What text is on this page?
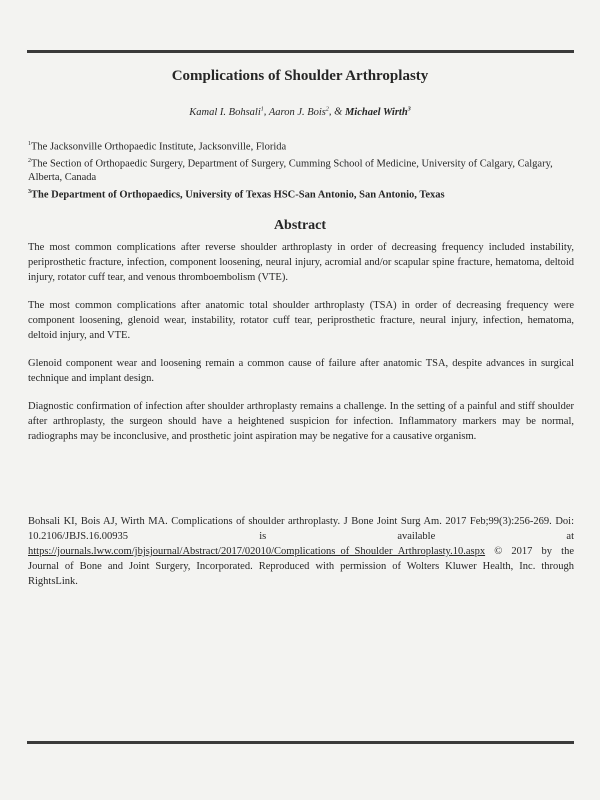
Complications of Shoulder Arthroplasty
Kamal I. Bohsali$^1$, Aaron J. Bois$^2$, & Michael Wirth$^3$
$^1$The Jacksonville Orthopaedic Institute, Jacksonville, Florida
$^2$The Section of Orthopaedic Surgery, Department of Surgery, Cumming School of Medicine, University of Calgary, Calgary, Alberta, Canada
$^3$The Department of Orthopaedics, University of Texas HSC-San Antonio, San Antonio, Texas
Abstract

The most common complications after reverse shoulder arthroplasty in order of decreasing frequency included instability, periprosthetic fracture, infection, component loosening, neural injury, acromial and/or scapular spine fracture, hematoma, deltoid injury, rotator cuff tear, and venous thromboembolism (VTE).

The most common complications after anatomic total shoulder arthroplasty (TSA) in order of decreasing frequency were component loosening, glenoid wear, instability, rotator cuff tear, periprosthetic fracture, neural injury, infection, hematoma, deltoid injury, and VTE.

Glenoid component wear and loosening remain a common cause of failure after anatomic TSA, despite advances in surgical technique and implant design.

Diagnostic confirmation of infection after shoulder arthroplasty remains a challenge. In the setting of a painful and stiff shoulder after arthroplasty, the surgeon should have a heightened suspicion for infection. Inflammatory markers may be normal, radiographs may be inconclusive, and prosthetic joint aspiration may be negative for a causative organism.

Bohsali KI, Bois AJ, Wirth MA. Complications of shoulder arthroplasty. J Bone Joint Surg Am. 2017 Feb;99(3):256-269. Doi: 10.2106/JBJS.16.00935 is available at https://journals.lww.com/jbjsjournal/Abstract/2017/02010/Complications_of_Shoulder_Arthroplasty.10.aspx © 2017 by the Journal of Bone and Joint Surgery, Incorporated. Reproduced with permission of Wolters Kluwer Health, Inc. through RightsLink.
